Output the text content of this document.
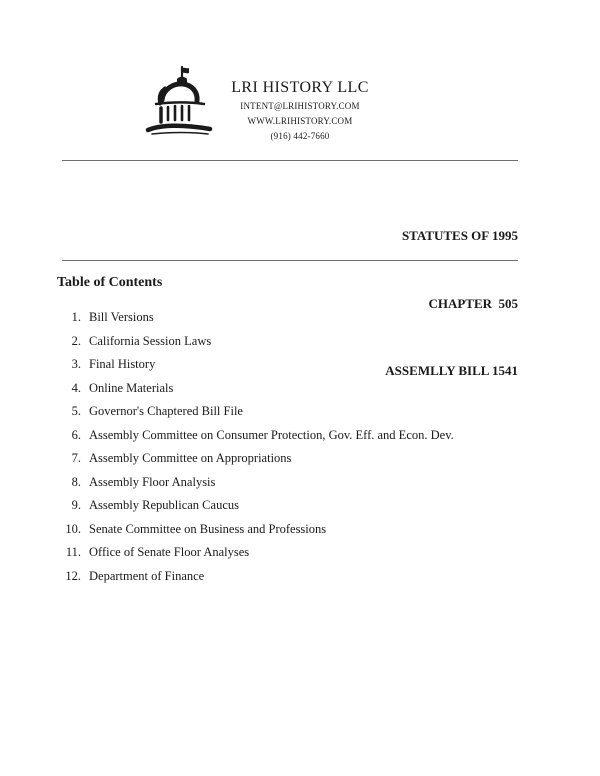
LRI HISTORY LLC
INTENT@LRIHISTORY.COM
WWW.LRIHISTORY.COM
(916) 442-7660

STATUTES OF 1995

CHAPTER  505

ASSEMLLY BILL 1541

Table of Contents
1. Bill Versions
2. California Session Laws
3. Final History
4. Online Materials
5. Governor's Chaptered Bill File
6. Assembly Committee on Consumer Protection, Gov. Eff. and Econ. Dev.
7. Assembly Committee on Appropriations
8. Assembly Floor Analysis
9. Assembly Republican Caucus
10. Senate Committee on Business and Professions
11. Office of Senate Floor Analyses
12. Department of Finance
